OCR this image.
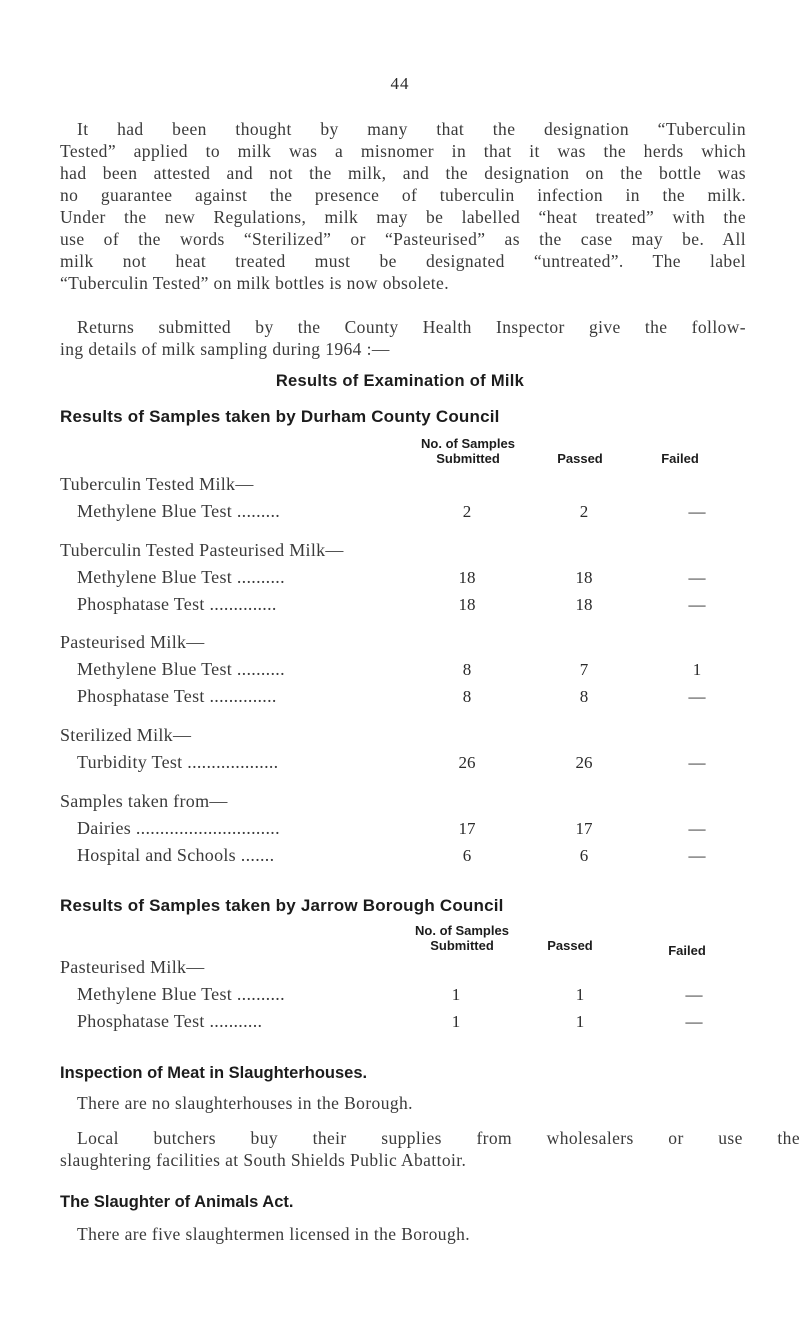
44

It had been thought by many that the designation “Tuberculin
Tested” applied to milk was a misnomer in that it was the herds which
had been attested and not the milk, and the designation on the bottle was
no guarantee against the presence of tuberculin infection in the milk.
Under the new Regulations, milk may be labelled “heat treated” with the
use of the words “Sterilized” or “Pasteurised” as the case may be. All
milk not heat treated must be designated “untreated”. The label
“Tuberculin Tested” on milk bottles is now obsolete.

Returns submitted by the County Health Inspector give the follow-
ing details of milk sampling during 1964 :—

Results of Examination of Milk
Results of Samples taken by Durham County Council
No. of Samples
Submitted	Passed	Failed
Tuberculin Tested Milk—
Methylene Blue Test .........	2	2	—
Tuberculin Tested Pasteurised Milk—
Methylene Blue Test ..........	18	18	—
Phosphatase Test ..............	18	18	—
Pasteurised Milk—
Methylene Blue Test ..........	8	7	1
Phosphatase Test ..............	8	8	—
Sterilized Milk—
Turbidity Test ...................	26	26	—
Samples taken from—
Dairies ..............................	17	17	—
Hospital and Schools .......	6	6	—
Results of Samples taken by Jarrow Borough Council
No. of Samples
Submitted	Passed	Failed
Pasteurised Milk—
Methylene Blue Test ..........	1	1	—
Phosphatase Test ...........	1	1	—
Inspection of Meat in Slaughterhouses.

There are no slaughterhouses in the Borough.

Local butchers buy their supplies from wholesalers or use the
slaughtering facilities at South Shields Public Abattoir.

The Slaughter of Animals Act.

There are five slaughtermen licensed in the Borough.
